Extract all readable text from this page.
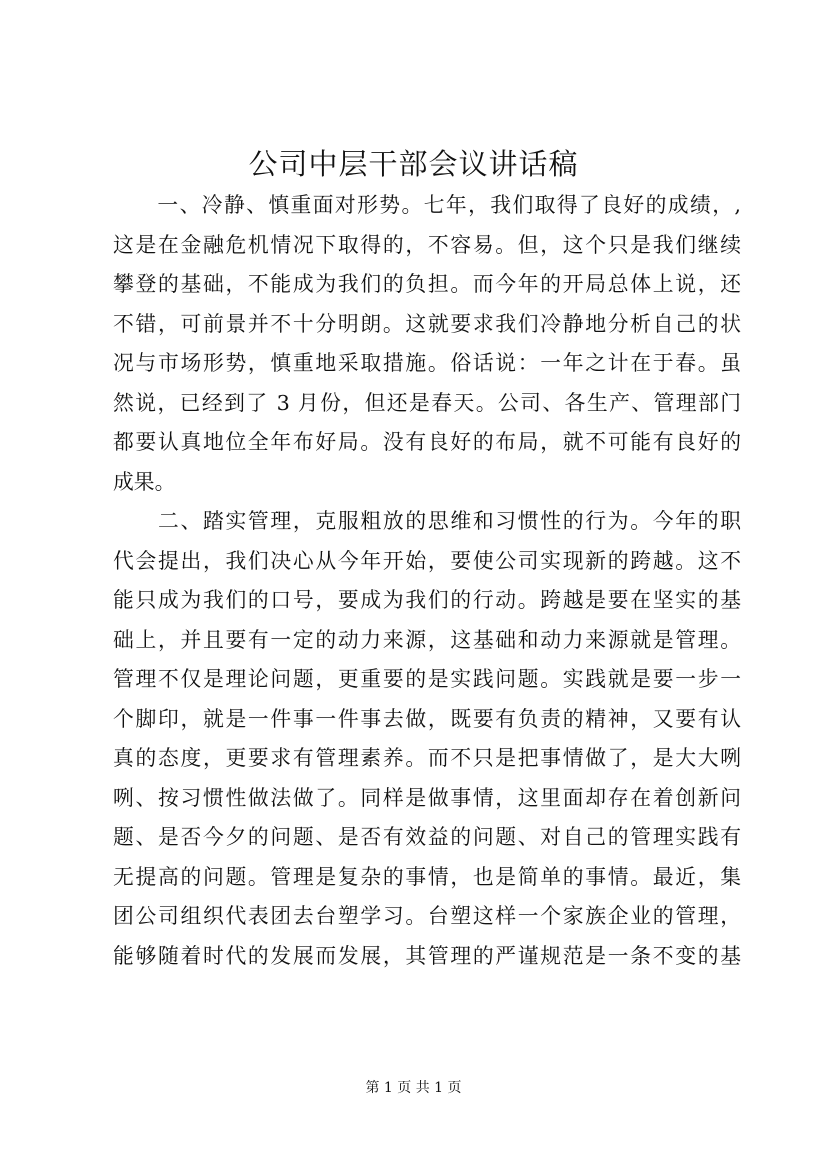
公司中层干部会议讲话稿
　　一、冷静、慎重面对形势。七年，我们取得了良好的成绩，,
这是在金融危机情况下取得的，不容易。但，这个只是我们继续
攀登的基础，不能成为我们的负担。而今年的开局总体上说，还
不错，可前景并不十分明朗。这就要求我们冷静地分析自己的状
况与市场形势，慎重地采取措施。俗话说：一年之计在于春。虽
然说，已经到了 3 月份，但还是春天。公司、各生产、管理部门
都要认真地位全年布好局。没有良好的布局，就不可能有良好的
成果。
　　二、踏实管理，克服粗放的思维和习惯性的行为。今年的职
代会提出，我们决心从今年开始，要使公司实现新的跨越。这不
能只成为我们的口号，要成为我们的行动。跨越是要在坚实的基
础上，并且要有一定的动力来源，这基础和动力来源就是管理。
管理不仅是理论问题，更重要的是实践问题。实践就是要一步一
个脚印，就是一件事一件事去做，既要有负责的精神，又要有认
真的态度，更要求有管理素养。而不只是把事情做了，是大大咧
咧、按习惯性做法做了。同样是做事情，这里面却存在着创新问
题、是否今夕的问题、是否有效益的问题、对自己的管理实践有
无提高的问题。管理是复杂的事情，也是简单的事情。最近，集
团公司组织代表团去台塑学习。台塑这样一个家族企业的管理，
能够随着时代的发展而发展，其管理的严谨规范是一条不变的基
第 1 页 共 1 页
